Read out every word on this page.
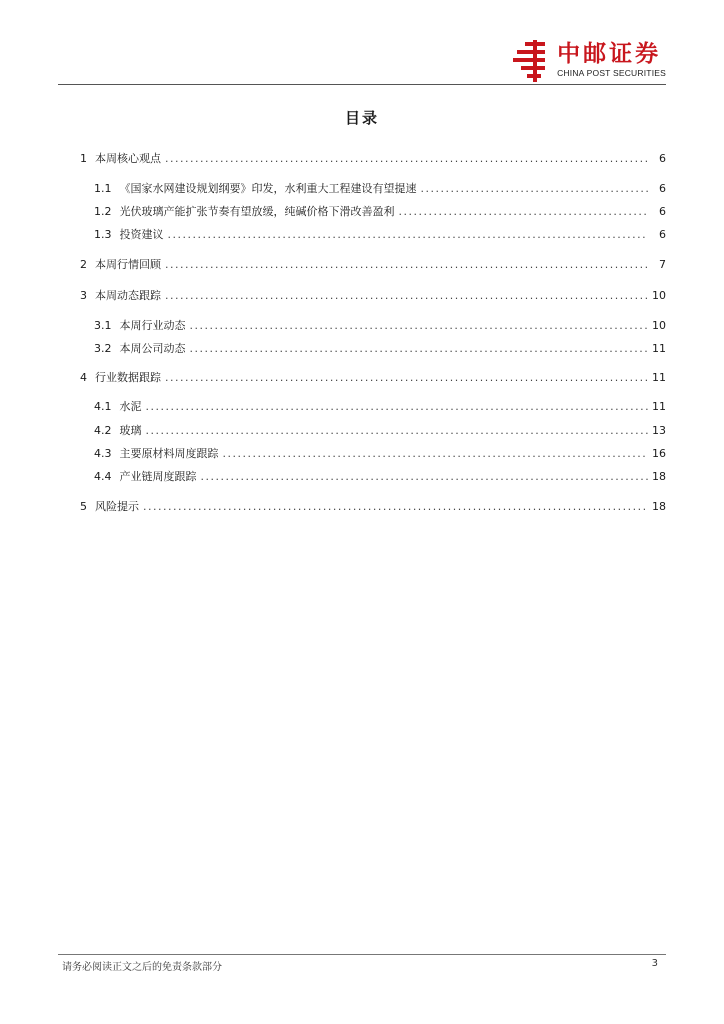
中邮证券
CHINA POST SECURITIES
目录
1 本周核心观点 .....	6
1.1 《国家水网建设规划纲要》印发，水利重大工程建设有望提速 .....	6
1.2 光伏玻璃产能扩张节奏有望放缓，纯碱价格下滑改善盈利 .....	6
1.3 投资建议 .....	6
2 本周行情回顾 .....	7
3 本周动态跟踪 .....	10
3.1 本周行业动态 .....	10
3.2 本周公司动态 .....	11
4 行业数据跟踪 .....	11
4.1 水泥 .....	11
4.2 玻璃 .....	13
4.3 主要原材料周度跟踪 .....	16
4.4 产业链周度跟踪 .....	18
5 风险提示 .....	18
请务必阅读正文之后的免责条款部分	3
